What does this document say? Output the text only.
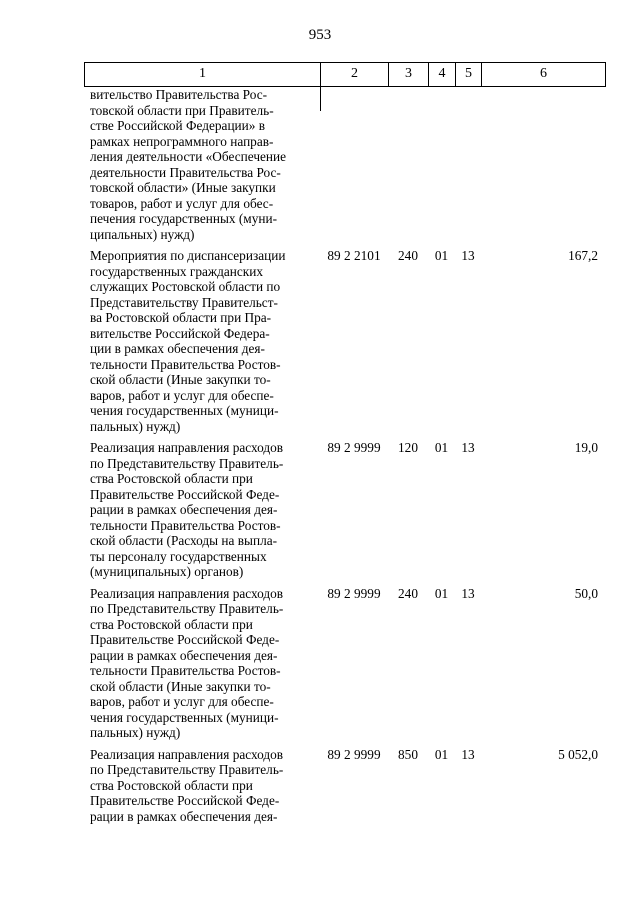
953
1	2	3	4	5	6

вительство Правительства Рос-

товской области при Правитель-

стве Российской Федерации» в

рамках непрограммного направ-

ления деятельности «Обеспечение

деятельности Правительства Рос-

товской области» (Иные закупки

товаров, работ и услуг для обес-

печения государственных (муни-

ципальных) нужд)

Мероприятия по диспансеризации

государственных гражданских

служащих Ростовской области по

Представительству Правительст-

ва Ростовской области при Пра-

вительстве Российской Федера-

ции в рамках обеспечения дея-

тельности Правительства Ростов-

ской области (Иные закупки то-

варов, работ и услуг для обеспе-

чения государственных (муници-

пальных) нужд)

89 2 2101	240	01 13	167,2

Реализация направления расходов

по Представительству Правитель-

ства Ростовской области при

Правительстве Российской Феде-

рации в рамках обеспечения дея-

тельности Правительства Ростов-

ской области (Расходы на выпла-

ты персоналу государственных

(муниципальных) органов)

89 2 9999	120	01 13	19,0

Реализация направления расходов

по Представительству Правитель-

ства Ростовской области при

Правительстве Российской Феде-

рации в рамках обеспечения дея-

тельности Правительства Ростов-

ской области (Иные закупки то-

варов, работ и услуг для обеспе-

чения государственных (муници-

пальных) нужд)

89 2 9999	240	01 13	50,0

Реализация направления расходов

по Представительству Правитель-

ства Ростовской области при

Правительстве Российской Феде-

рации в рамках обеспечения дея-

89 2 9999	850	01 13	5 052,0
